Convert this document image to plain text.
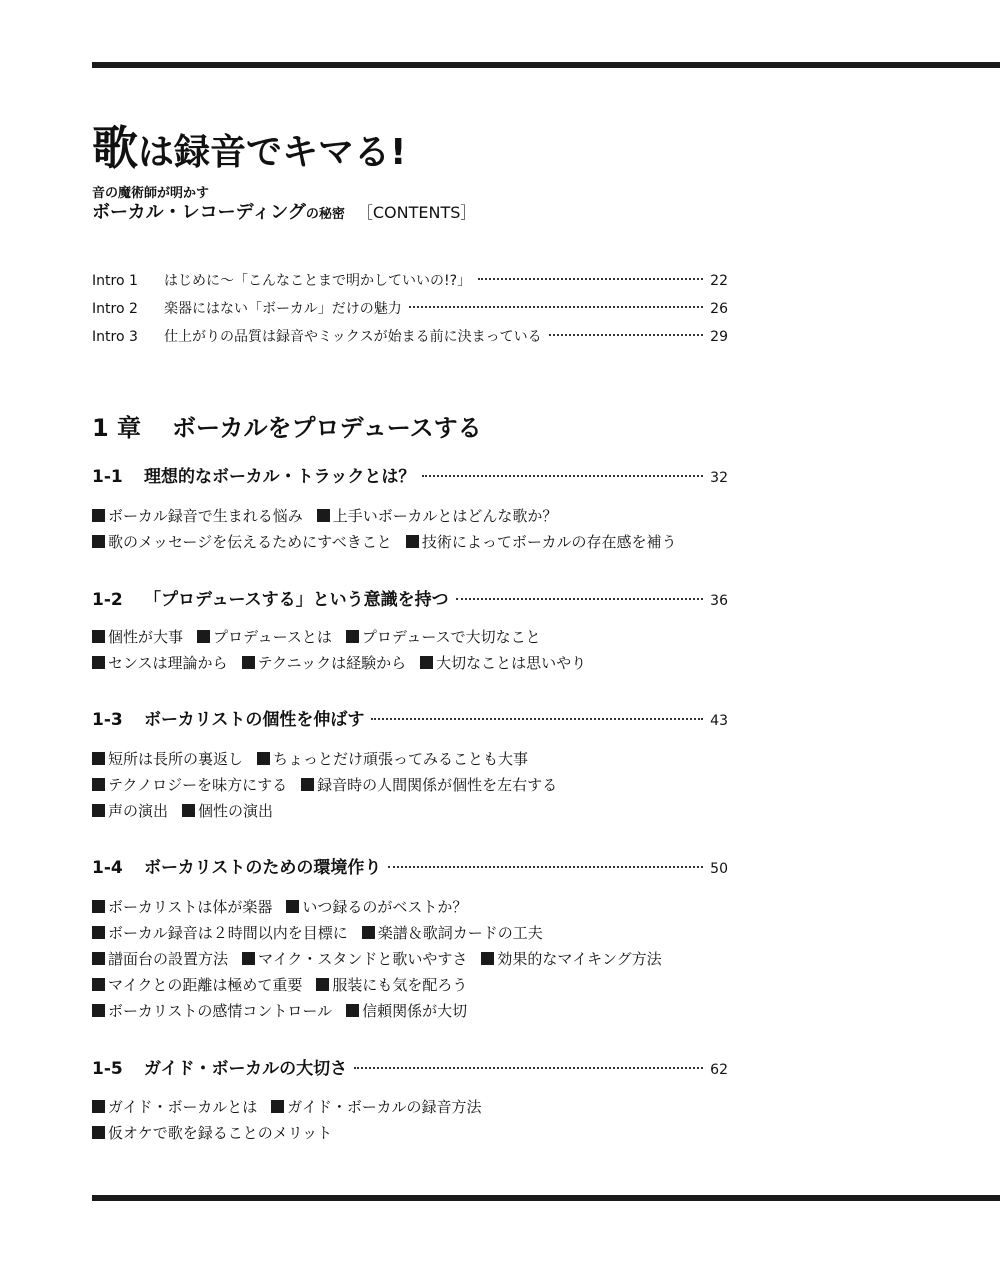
歌は録音でキマる!
音の魔術師が明かす
ボーカル・レコーディングの秘密 ［CONTENTS］
Intro 1	はじめに～「こんなことまで明かしていいの!?」	22
Intro 2	楽器にはない「ボーカル」だけの魅力	26
Intro 3	仕上がりの品質は録音やミックスが始まる前に決まっている	29
1 章 ボーカルをプロデュースする
1-1	理想的なボーカル・トラックとは？	32
ボーカル録音で生まれる悩み 上手いボーカルとはどんな歌か？
歌のメッセージを伝えるためにすべきこと 技術によってボーカルの存在感を補う
1-2	「プロデュースする」という意識を持つ	36
個性が大事 プロデュースとは プロデュースで大切なこと
センスは理論から テクニックは経験から 大切なことは思いやり
1-3	ボーカリストの個性を伸ばす	43
短所は長所の裏返し ちょっとだけ頑張ってみることも大事
テクノロジーを味方にする 録音時の人間関係が個性を左右する
声の演出 個性の演出
1-4	ボーカリストのための環境作り	50
ボーカリストは体が楽器 いつ録るのがベストか？
ボーカル録音は２時間以内を目標に 楽譜＆歌詞カードの工夫
譜面台の設置方法 マイク・スタンドと歌いやすさ 効果的なマイキング方法
マイクとの距離は極めて重要 服装にも気を配ろう
ボーカリストの感情コントロール 信頼関係が大切
1-5	ガイド・ボーカルの大切さ	62
ガイド・ボーカルとは ガイド・ボーカルの録音方法
仮オケで歌を録ることのメリット
